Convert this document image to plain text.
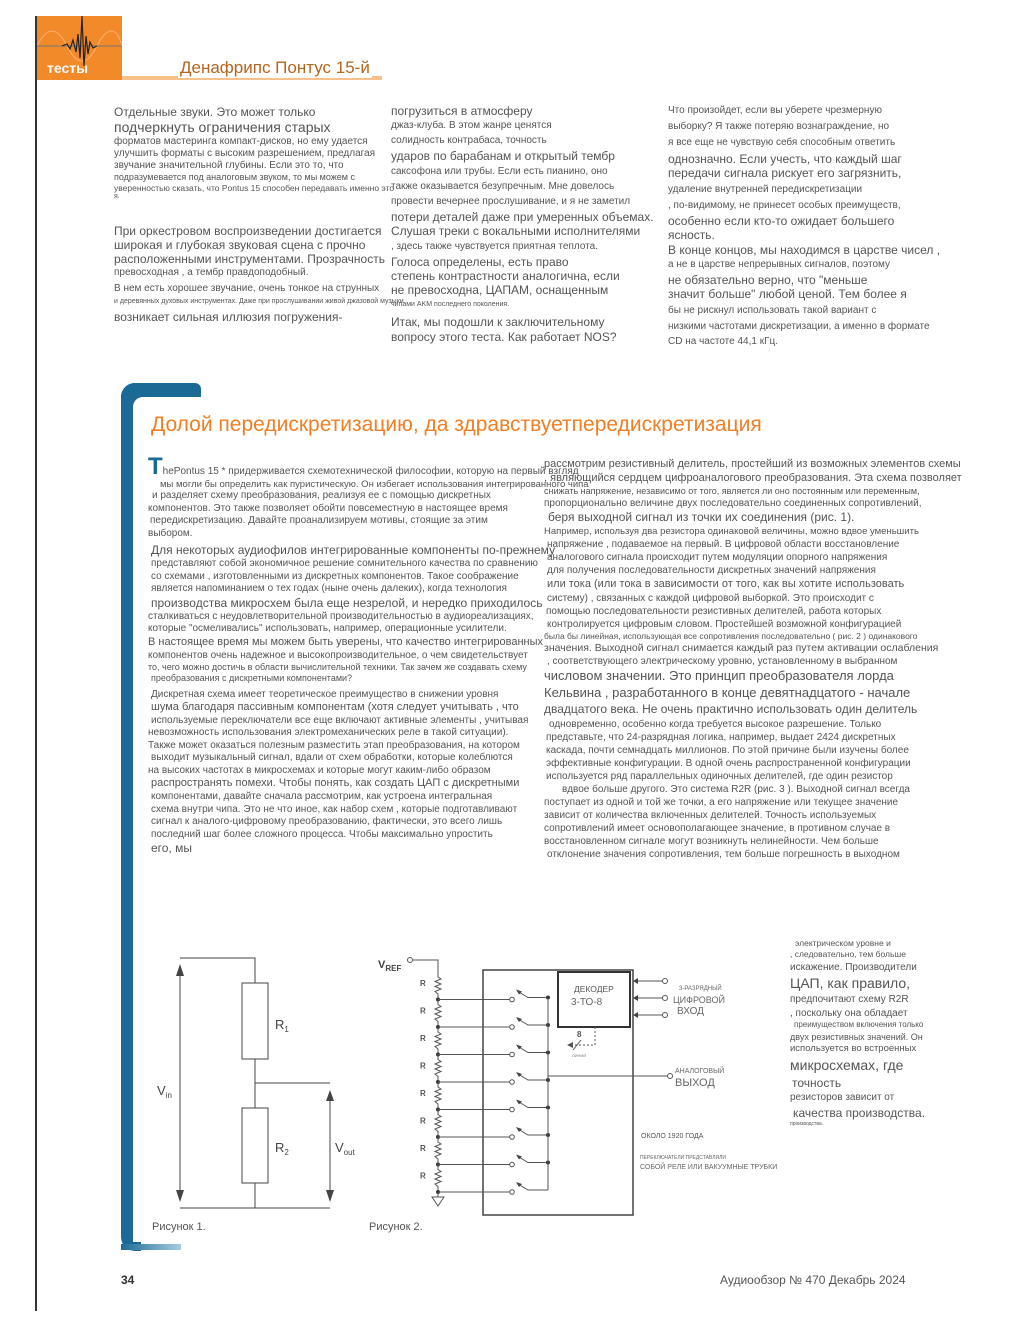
тесты	Денафрипс Понтус 15-й

Отдельные звуки. Это может только

подчеркнуть ограничения старых

форматов мастеринга компакт-дисков, но ему удается

улучшить форматы с высоким разрешением, предлагая

звучание значительной глубины. Если это то, что

подразумевается под аналоговым звуком, то мы можем с

уверенностью сказать, что Pontus 15 способен передавать именно это

я.

При оркестровом воспроизведении достигается

широкая и глубокая звуковая сцена с прочно

расположенными инструментами. Прозрачность

превосходная , а тембр правдоподобный.

В нем есть хорошее звучание, очень тонкое на струнных

и деревянных духовых инструментах. Даже при прослушивании живой джазовой музыки

возникает сильная иллюзия погружения-

погрузиться в атмосферу

джаз-клуба. В этом жанре ценятся

солидность контрабаса, точность

ударов по барабанам и открытый тембр

саксофона или трубы. Если есть пианино, оно

также оказывается безупречным. Мне довелось

провести вечернее прослушивание, и я не заметил

потери деталей даже при умеренных объемах.

Слушая треки с вокальными исполнителями

, здесь также чувствуется приятная теплота.

Голоса определены, есть право

степень контрастности аналогична, если

не превосходна, ЦАПАМ, оснащенным

чипами AKM последнего поколения.

Итак, мы подошли к заключительному

вопросу этого теста. Как работает NOS?

Что произойдет, если вы уберете чрезмерную

выборку? Я также потеряю вознаграждение, но

я все еще не чувствую себя способным ответить

однозначно. Если учесть, что каждый шаг

передачи сигнала рискует его загрязнить,

удаление внутренней передискретизации

, по-видимому, не принесет особых преимуществ,

особенно если кто-то ожидает большего

ясность.

В конце концов, мы находимся в царстве чисел ,

а не в царстве непрерывных сигналов, поэтому

не обязательно верно, что "меньше

значит больше" любой ценой. Тем более я

бы не рискнул использовать такой вариант с

низкими частотами дискретизации, а именно в формате

CD на частоте 44,1 кГц.

Долой передискретизацию, да здравствуетпередискретизация

ThePontus 15 * придерживается схемотехнической философии, которую на первый взгляд

мы могли бы определить как пуристическую. Он избегает использования интегрированного чипа

и разделяет схему преобразования, реализуя ее с помощью дискретных

компонентов. Это также позволяет обойти повсеместную в настоящее время

передискретизацию. Давайте проанализируем мотивы, стоящие за этим

выбором.

Для некоторых аудиофилов интегрированные компоненты по-прежнему

представляют собой экономичное решение сомнительного качества по сравнению

со схемами , изготовленными из дискретных компонентов. Такое соображение

является напоминанием о тех годах (ныне очень далеких), когда технология

производства микросхем была еще незрелой, и нередко приходилось

сталкиваться с неудовлетворительной производительностью в аудиореализациях,

которые "осмеливались" использовать, например, операционные усилители.

В настоящее время мы можем быть уверены, что качество интегрированных

компонентов очень надежное и высокопроизводительное, о чем свидетельствует

то, чего можно достичь в области вычислительной техники. Так зачем же создавать схему

преобразования с дискретными компонентами?

Дискретная схема имеет теоретическое преимущество в снижении уровня

шума благодаря пассивным компонентам (хотя следует учитывать , что

используемые переключатели все еще включают активные элементы , учитывая

невозможность использования электромеханических реле в такой ситуации).

Также может оказаться полезным разместить этап преобразования, на котором

выходит музыкальный сигнал, вдали от схем обработки, которые колеблются

на высоких частотах в микросхемах и которые могут каким-либо образом

распространять помехи. Чтобы понять, как создать ЦАП с дискретными

компонентами, давайте сначала рассмотрим, как устроена интегральная

схема внутри чипа. Это не что иное, как набор схем , которые подготавливают

сигнал к аналого-цифровому преобразованию, фактически, это всего лишь

последний шаг более сложного процесса. Чтобы максимально упростить

его, мы

рассмотрим резистивный делитель, простейший из возможных элементов схемы

, являющийся сердцем цифроаналогового преобразования. Эта схема позволяет

снижать напряжение, независимо от того, является ли оно постоянным или переменным,

пропорционально величине двух последовательно соединенных сопротивлений,

беря выходной сигнал из точки их соединения (рис. 1).

Например, используя два резистора одинаковой величины, можно вдвое уменьшить

напряжение , подаваемое на первый. В цифровой области восстановление

аналогового сигнала происходит путем модуляции опорного напряжения

для получения последовательности дискретных значений напряжения

или тока (или тока в зависимости от того, как вы хотите использовать

систему) , связанных с каждой цифровой выборкой. Это происходит с

помощью последовательности резистивных делителей, работа которых

контролируется цифровым словом. Простейшей возможной конфигурацией

была бы линейная, использующая все сопротивления последовательно ( рис. 2 ) одинакового

значения. Выходной сигнал снимается каждый раз путем активации ослабления

, соответствующего электрическому уровню, установленному в выбранном

числовом значении. Это принцип преобразователя лорда

Кельвина , разработанного в конце девятнадцатого - начале

двадцатого века. Не очень практично использовать один делитель

одновременно, особенно когда требуется высокое разрешение. Только

представьте, что 24-разрядная логика, например, выдает 2424 дискретных

каскада, почти семнадцать миллионов. По этой причине были изучены более

эффективные конфигурации. В одной очень распространенной конфигурации

используется ряд параллельных одиночных делителей, где один резистор

вдвое больше другого. Это система R2R (рис. 3 ). Выходной сигнал всегда

поступает из одной и той же точки, а его напряжение или текущее значение

зависит от количества включенных делителей. Точность используемых

сопротивлений имеет основополагающее значение, в противном случае в

восстановленном сигнале могут возникнуть нелинейности. Чем больше

отклонение значения сопротивления, тем больше погрешность в выходном

электрическом уровне и

, следовательно, тем больше

искажение. Производители

ЦАП, как правило,

предпочитают схему R2R

, поскольку она обладает

преимуществом включения только

двух резистивных значений. Он

используется во встроенных

микросхемах, где

точность

резисторов зависит от

качества производства.

производства.

$R_1$
$R_2$
$V_{in}$
$V_{out}$
Рисунок 1.
$V_{REF}$
ДЕКОДЕР
3-ТО-8
R
R
R
R
R
R
R
R
3-РАЗРЯДНЫЙ
ЦИФРОВОЙ
ВХОД
8
ЛИНИЙ
АНАЛОГОВЫЙ
ВЫХОД
ОКОЛО 1920 ГОДА
ПЕРЕКЛЮЧАТЕЛИ ПРЕДСТАВЛЯЛИ
СОБОЙ РЕЛЕ ИЛИ ВАКУУМНЫЕ ТРУБКИ
Рисунок 2.
34	Аудиообзор № 470 Декабрь 2024
